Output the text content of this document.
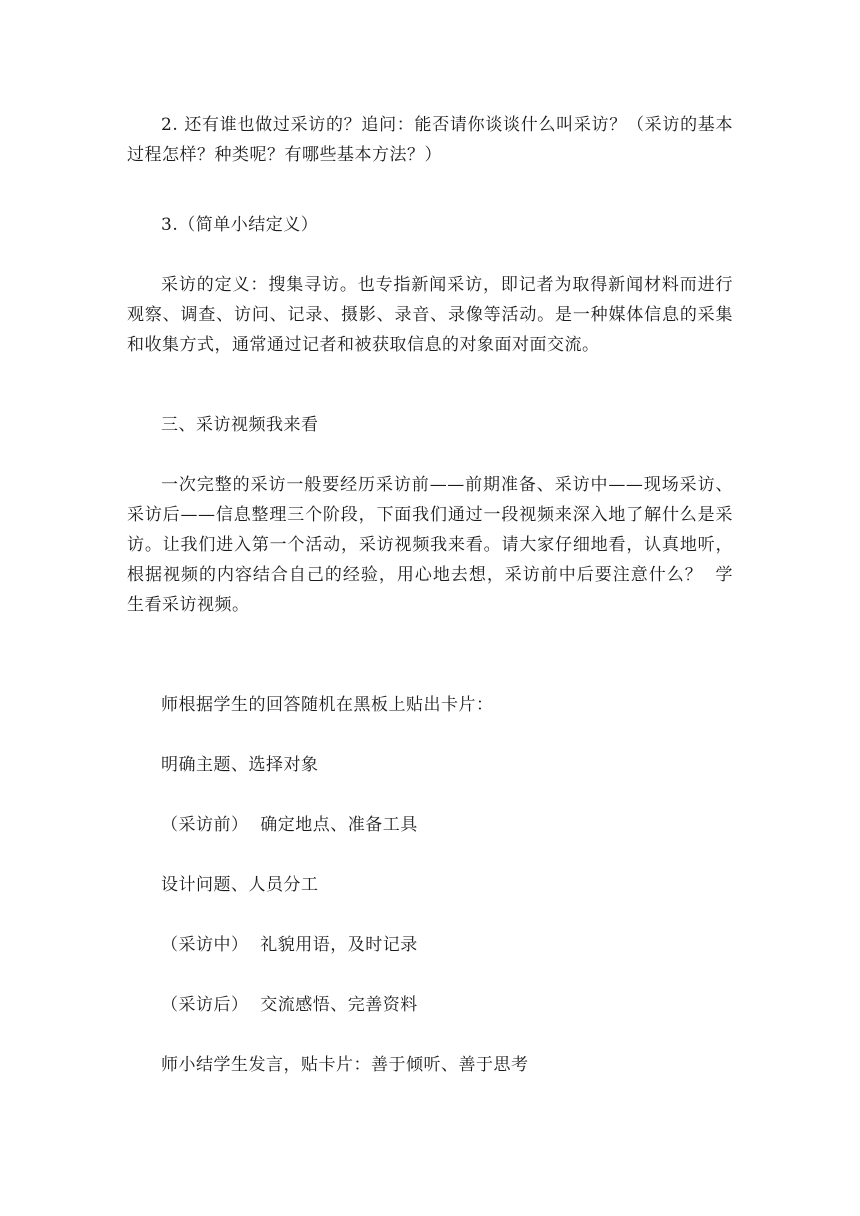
2. 还有谁也做过采访的？追问：能否请你谈谈什么叫采访？（采访的基本过程怎样？种类呢？有哪些基本方法？）

3.（简单小结定义）

采访的定义：搜集寻访。也专指新闻采访，即记者为取得新闻材料而进行观察、调查、访问、记录、摄影、录音、录像等活动。是一种媒体信息的采集和收集方式，通常通过记者和被获取信息的对象面对面交流。

三、采访视频我来看

一次完整的采访一般要经历采访前——前期准备、采访中——现场采访、采访后——信息整理三个阶段，下面我们通过一段视频来深入地了解什么是采访。让我们进入第一个活动，采访视频我来看。请大家仔细地看，认真地听，根据视频的内容结合自己的经验，用心地去想，采访前中后要注意什么？  学生看采访视频。

师根据学生的回答随机在黑板上贴出卡片：

明确主题、选择对象

（采访前）  确定地点、准备工具

设计问题、人员分工

（采访中）  礼貌用语，及时记录

（采访后）  交流感悟、完善资料

师小结学生发言，贴卡片：善于倾听、善于思考
